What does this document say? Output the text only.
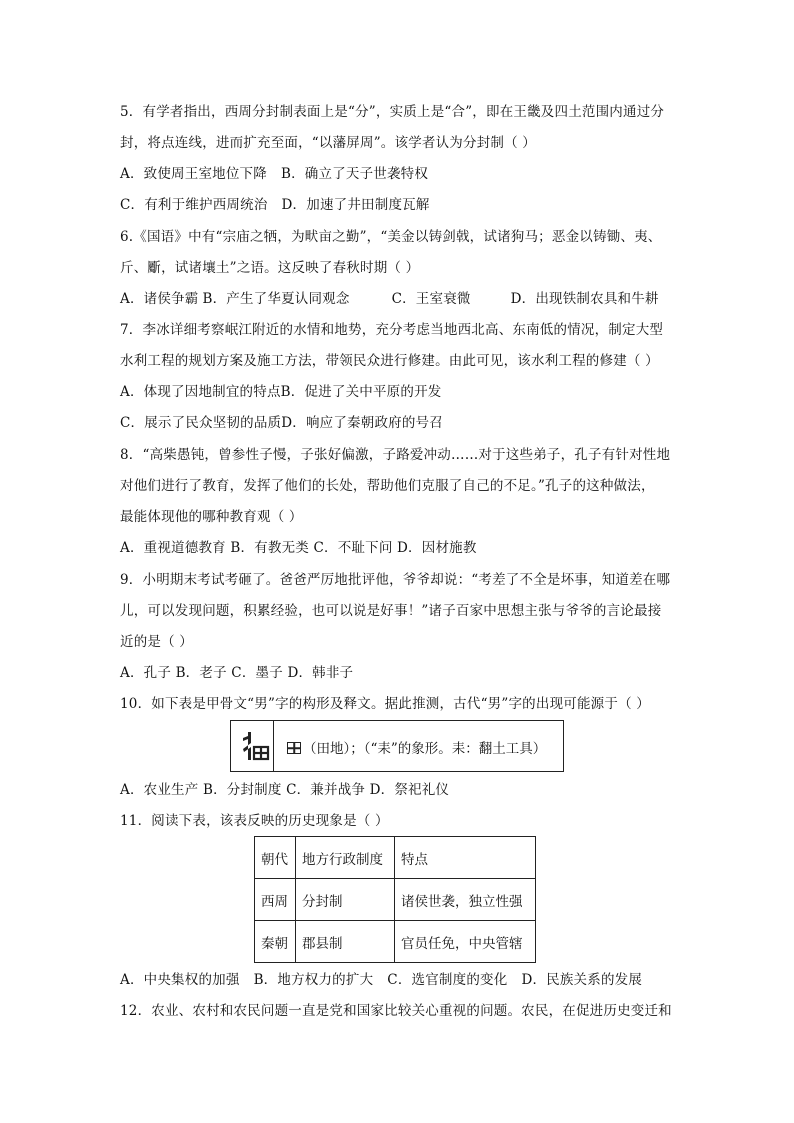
5．有学者指出，西周分封制表面上是“分”，实质上是“合”，即在王畿及四土范围内通过分
封，将点连线，进而扩充至面，“以藩屏周”。该学者认为分封制（ ）
A．致使周王室地位下降 B．确立了天子世袭特权
C．有利于维护西周统治 D．加速了井田制度瓦解
6.《国语》中有“宗庙之牺，为畎亩之勤”，“美金以铸剑戟，试诸狗马；恶金以铸锄、夷、
斤、斸，试诸壤土”之语。这反映了春秋时期（ ）
A．诸侯争霸 B．产生了华夏认同观念	C．王室衰微	D．出现铁制农具和牛耕
7．李冰详细考察岷江附近的水情和地势，充分考虑当地西北高、东南低的情况，制定大型
水利工程的规划方案及施工方法，带领民众进行修建。由此可见，该水利工程的修建（ ）
A．体现了因地制宜的特点B．促进了关中平原的开发
C．展示了民众坚韧的品质D．响应了秦朝政府的号召
8．“高柴愚钝，曾参性子慢，子张好偏激，子路爱冲动……对于这些弟子，孔子有针对性地
对他们进行了教育，发挥了他们的长处，帮助他们克服了自己的不足。”孔子的这种做法，
最能体现他的哪种教育观（ ）
A．重视道德教育 B．有教无类 C．不耻下问 D．因材施教
9．小明期末考试考砸了。爸爸严厉地批评他，爷爷却说：“考差了不全是坏事，知道差在哪
儿，可以发现问题，积累经验，也可以说是好事！”诸子百家中思想主张与爷爷的言论最接
近的是（ ）
A．孔子 B．老子 C．墨子 D．韩非子
10．如下表是甲骨文“男”字的构形及释文。据此推测，古代“男”字的出现可能源于（ ）
（田地）；（“耒”的象形。耒：翻土工具）
A．农业生产 B．分封制度 C．兼并战争 D．祭祀礼仪
11．阅读下表，该表反映的历史现象是（ ）
朝代	地方行政制度	特点
西周	分封制	诸侯世袭，独立性强
秦朝	郡县制	官员任免，中央管辖
A．中央集权的加强 B．地方权力的扩大 C．选官制度的变化 D．民族关系的发展
12．农业、农村和农民问题一直是党和国家比较关心重视的问题。农民，在促进历史变迁和
